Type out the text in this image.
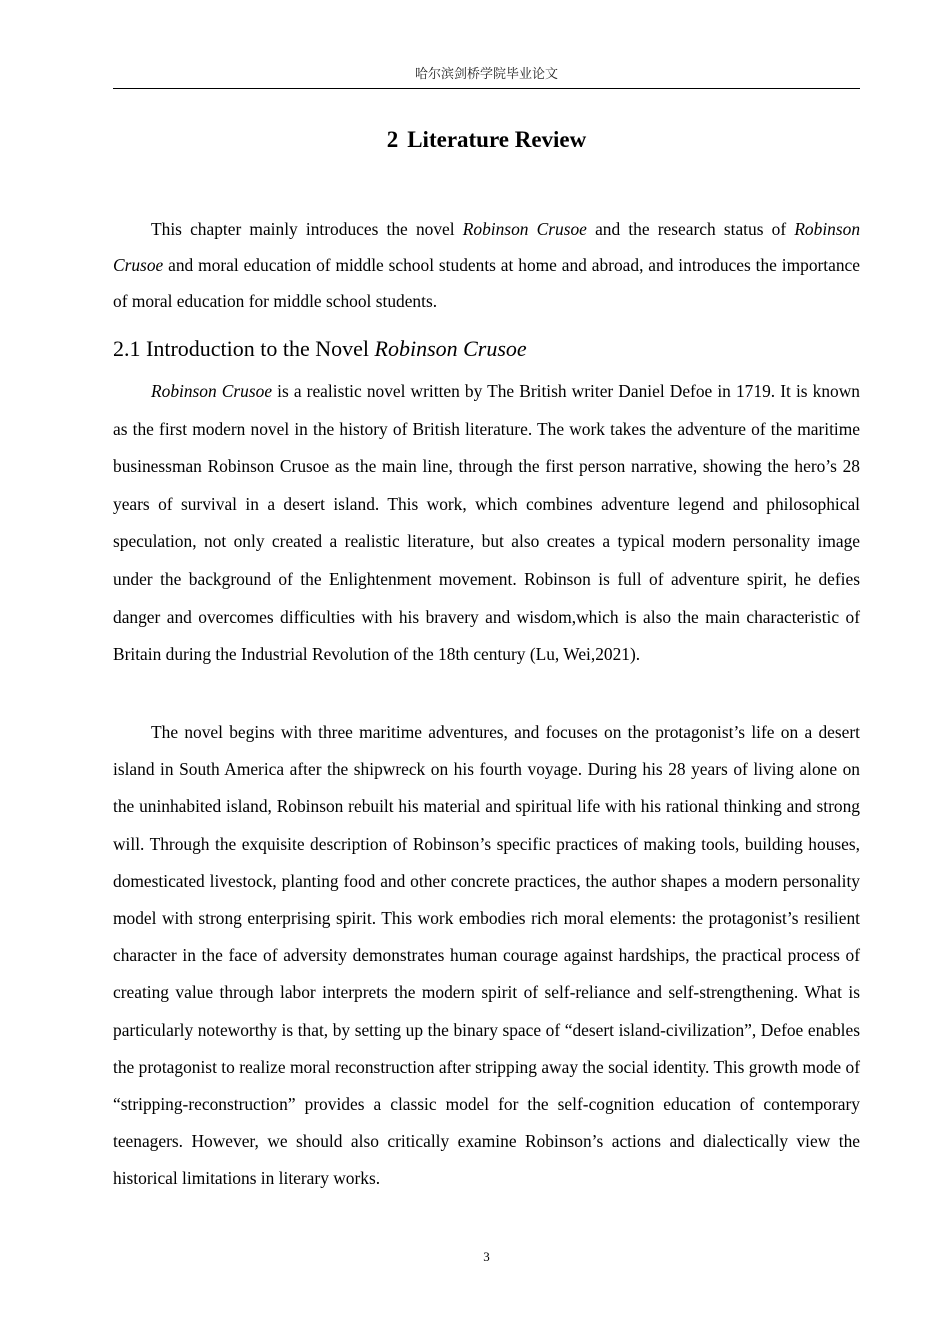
哈尔滨剑桥学院毕业论文
2 Literature Review

This chapter mainly introduces the novel Robinson Crusoe and the research status of Robinson Crusoe and moral education of middle school students at home and abroad, and introduces the importance of moral education for middle school students.

2.1 Introduction to the Novel Robinson Crusoe

Robinson Crusoe is a realistic novel written by The British writer Daniel Defoe in 1719. It is known as the first modern novel in the history of British literature. The work takes the adventure of the maritime businessman Robinson Crusoe as the main line, through the first person narrative, showing the hero’s 28 years of survival in a desert island. This work, which combines adventure legend and philosophical speculation, not only created a realistic literature, but also creates a typical modern personality image under the background of the Enlightenment movement. Robinson is full of adventure spirit, he defies danger and overcomes difficulties with his bravery and wisdom,which is also the main characteristic of Britain during the Industrial Revolution of the 18th century (Lu, Wei,2021).

The novel begins with three maritime adventures, and focuses on the protagonist’s life on a desert island in South America after the shipwreck on his fourth voyage. During his 28 years of living alone on the uninhabited island, Robinson rebuilt his material and spiritual life with his rational thinking and strong will. Through the exquisite description of Robinson’s specific practices of making tools, building houses, domesticated livestock, planting food and other concrete practices, the author shapes a modern personality model with strong enterprising spirit. This work embodies rich moral elements: the protagonist’s resilient character in the face of adversity demonstrates human courage against hardships, the practical process of creating value through labor interprets the modern spirit of self-reliance and self-strengthening. What is particularly noteworthy is that, by setting up the binary space of “desert island-civilization”, Defoe enables the protagonist to realize moral reconstruction after stripping away the social identity. This growth mode of “stripping-reconstruction” provides a classic model for the self-cognition education of contemporary teenagers. However, we should also critically examine Robinson’s actions and dialectically view the historical limitations in literary works.

3
